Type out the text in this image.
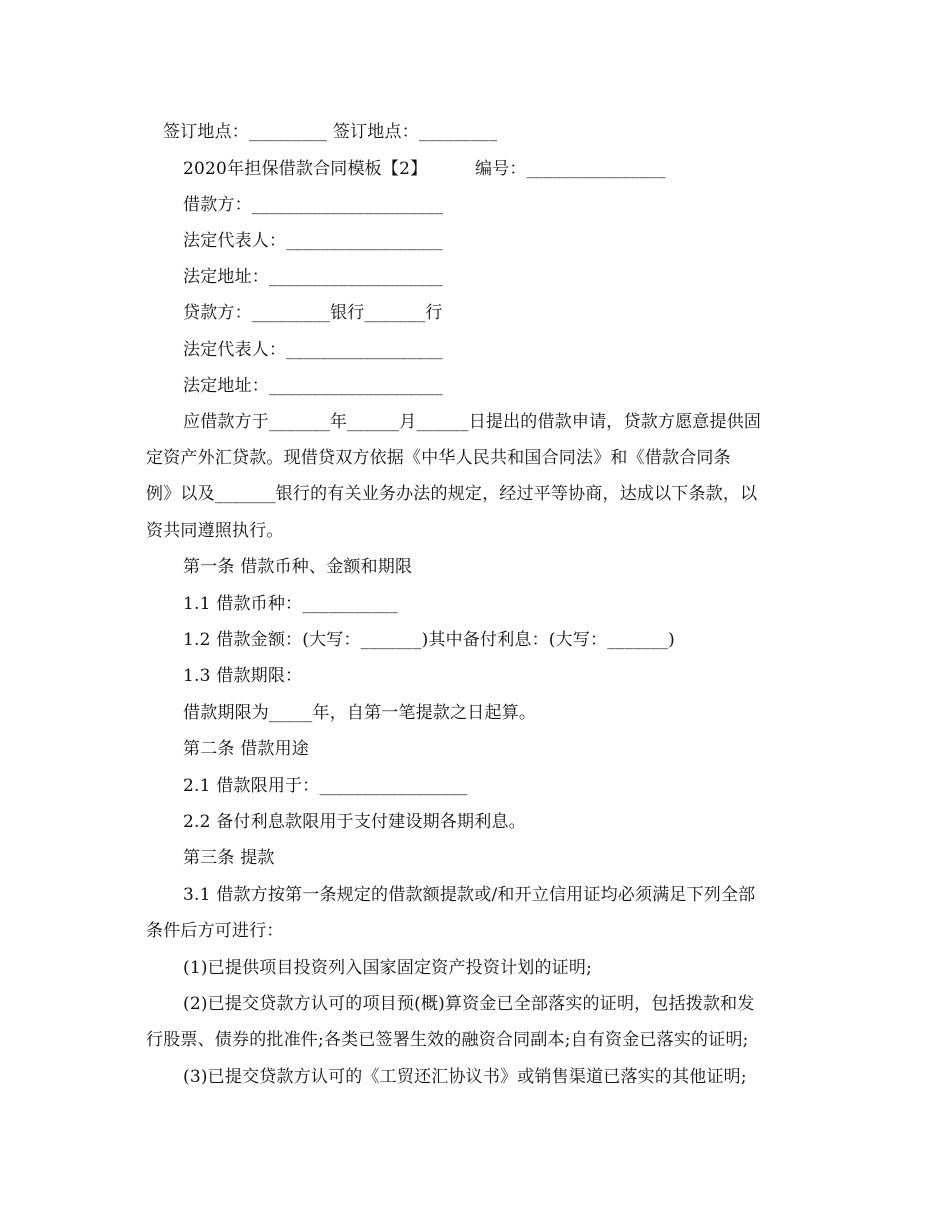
签订地点：_________ 签订地点：_________
2020年担保借款合同模板【2】	编号：________________
借款方：______________________
法定代表人：__________________
法定地址：____________________
贷款方：_________银行_______行
法定代表人：__________________
法定地址：____________________
应借款方于_______年______月______日提出的借款申请，贷款方愿意提供固
定资产外汇贷款。现借贷双方依据《中华人民共和国合同法》和《借款合同条
例》以及_______银行的有关业务办法的规定，经过平等协商，达成以下条款，以
资共同遵照执行。
第一条 借款币种、金额和期限
1.1 借款币种：___________
1.2 借款金额：(大写：_______)其中备付利息：(大写：_______)
1.3 借款期限：
借款期限为_____年，自第一笔提款之日起算。
第二条 借款用途
2.1 借款限用于：_________________
2.2 备付利息款限用于支付建设期各期利息。
第三条 提款
3.1 借款方按第一条规定的借款额提款或/和开立信用证均必须满足下列全部
条件后方可进行：
(1)已提供项目投资列入国家固定资产投资计划的证明;
(2)已提交贷款方认可的项目预(概)算资金已全部落实的证明，包括拨款和发
行股票、债券的批准件;各类已签署生效的融资合同副本;自有资金已落实的证明;
(3)已提交贷款方认可的《工贸还汇协议书》或销售渠道已落实的其他证明;
